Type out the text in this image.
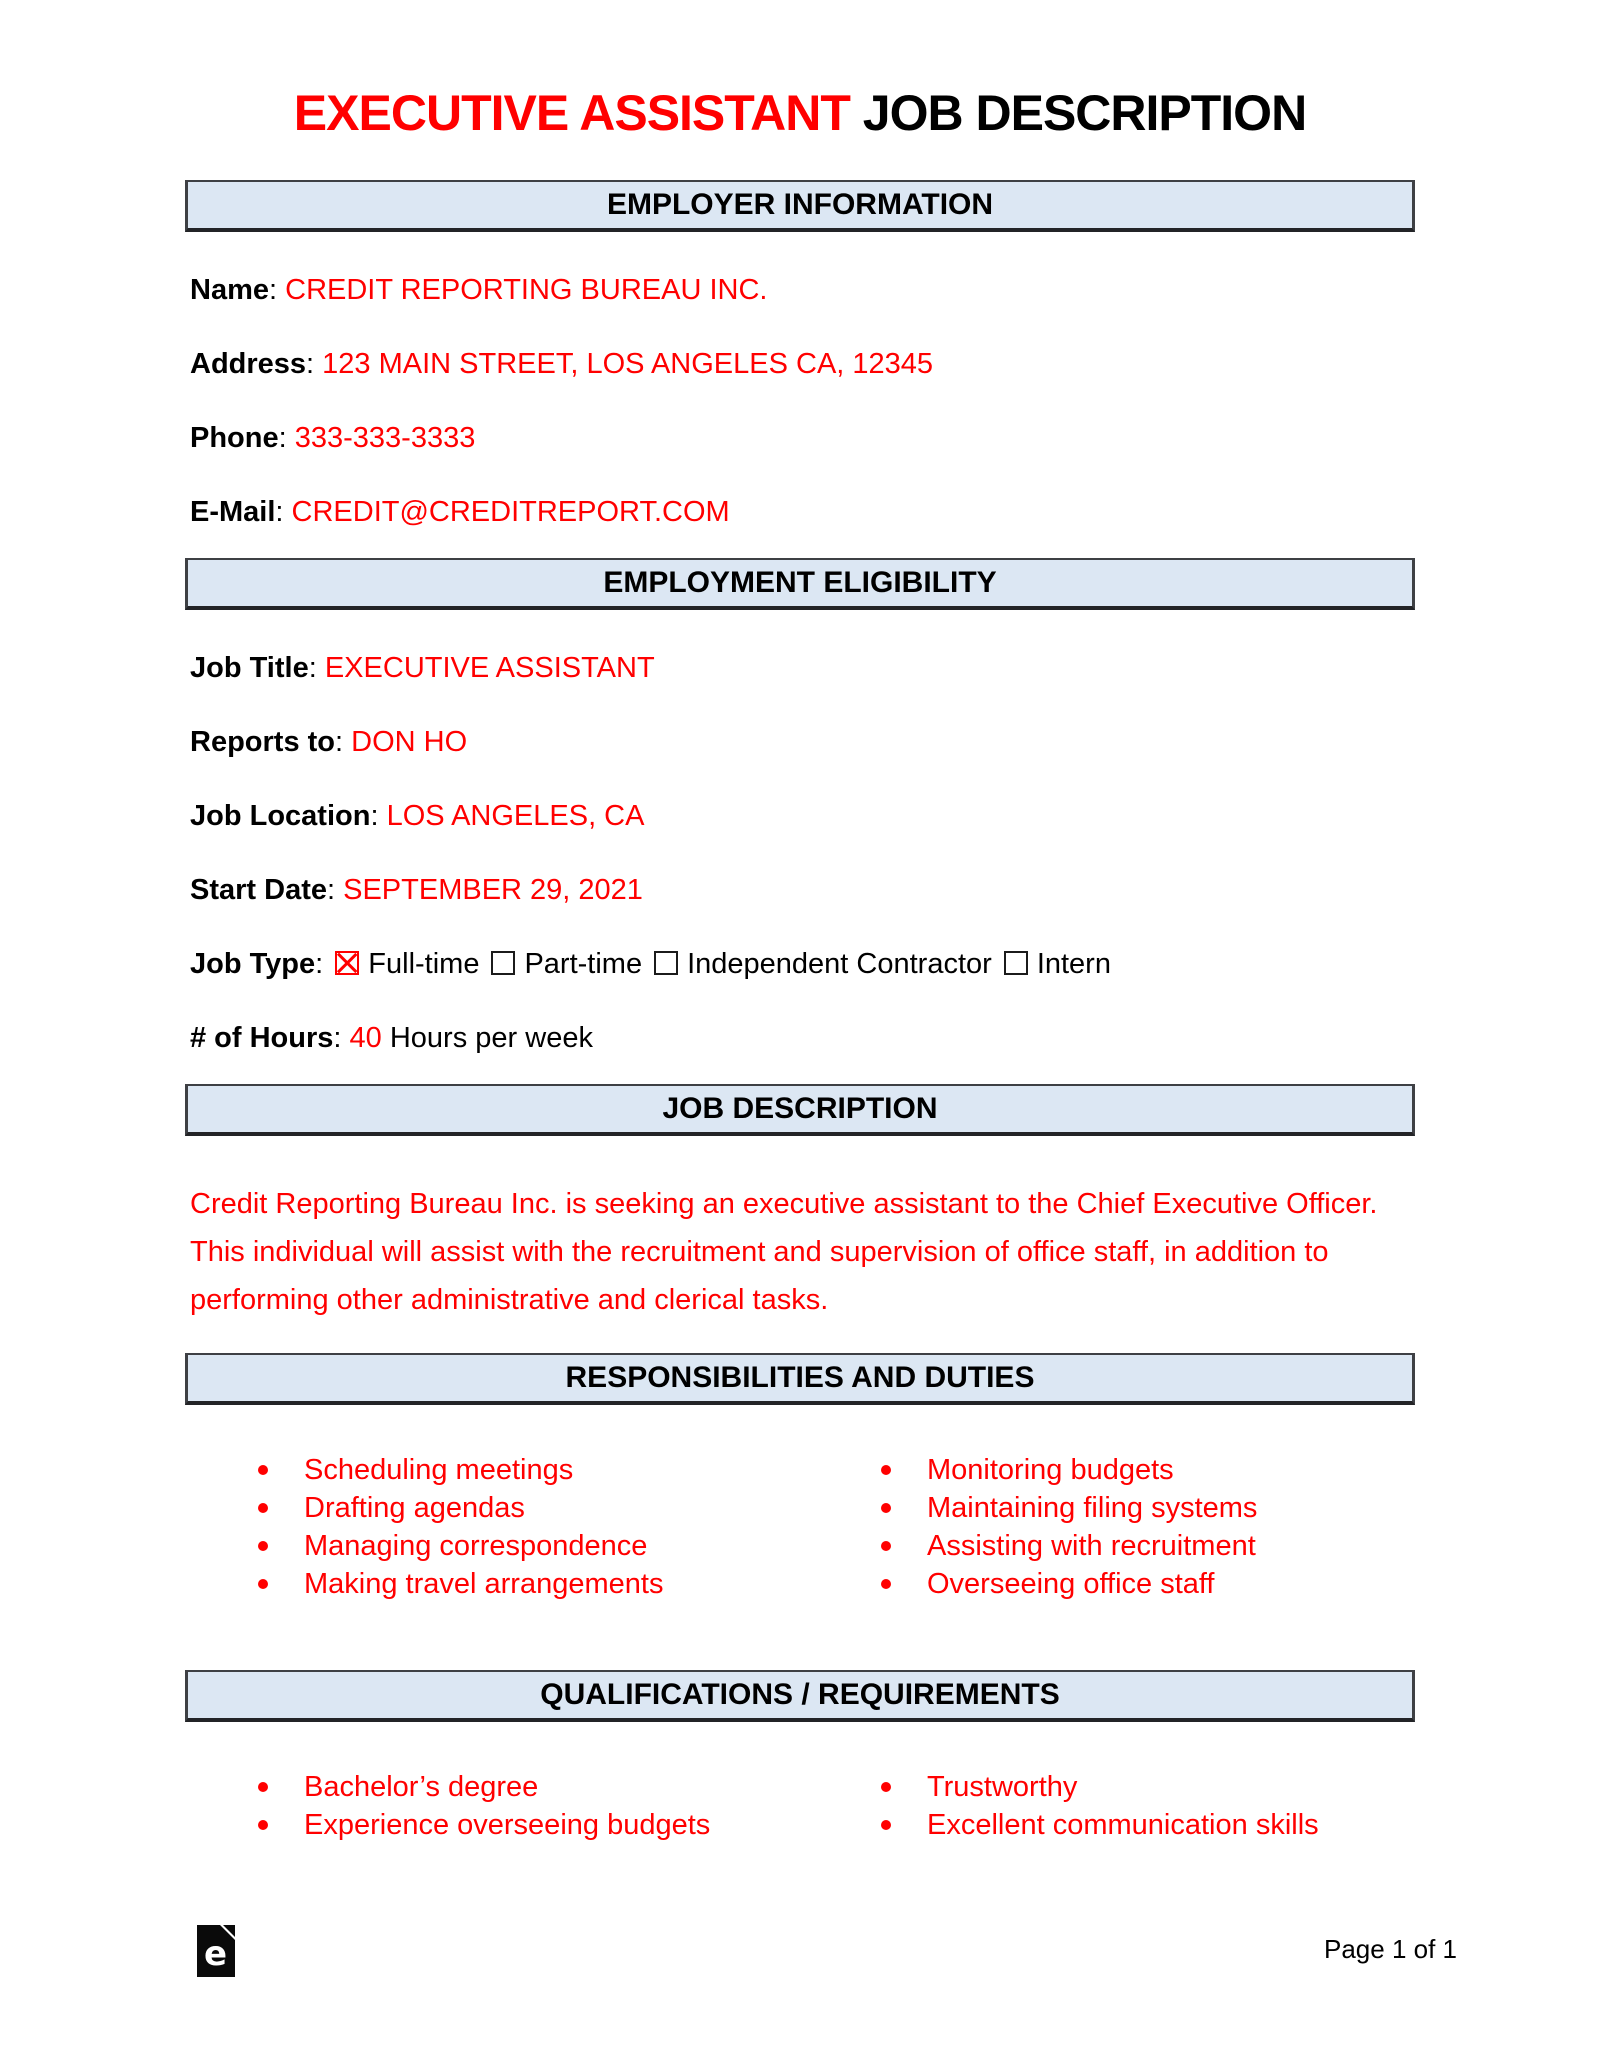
EXECUTIVE ASSISTANT JOB DESCRIPTION
EMPLOYER INFORMATION
Name : CREDIT REPORTING BUREAU INC.
Address : 123 MAIN STREET, LOS ANGELES CA, 12345
Phone : 333-333-3333
E-Mail : CREDIT@CREDITREPORT.COM
EMPLOYMENT ELIGIBILITY
Job Title : EXECUTIVE ASSISTANT
Reports to : DON HO
Job Location : LOS ANGELES, CA
Start Date : SEPTEMBER 29, 2021
Job Type : Full-time Part-time Independent Contractor Intern
# of Hours : 40 Hours per week
JOB DESCRIPTION

Credit Reporting Bureau Inc. is seeking an executive assistant to the Chief Executive Officer. This individual will assist with the recruitment and supervision of office staff, in addition to performing other administrative and clerical tasks.

RESPONSIBILITIES AND DUTIES
Scheduling meetings
Drafting agendas
Managing correspondence
Making travel arrangements
Monitoring budgets
Maintaining filing systems
Assisting with recruitment
Overseeing office staff
QUALIFICATIONS / REQUIREMENTS
Bachelor’s degree
Experience overseeing budgets
Trustworthy
Excellent communication skills
e	Page 1 of 1
